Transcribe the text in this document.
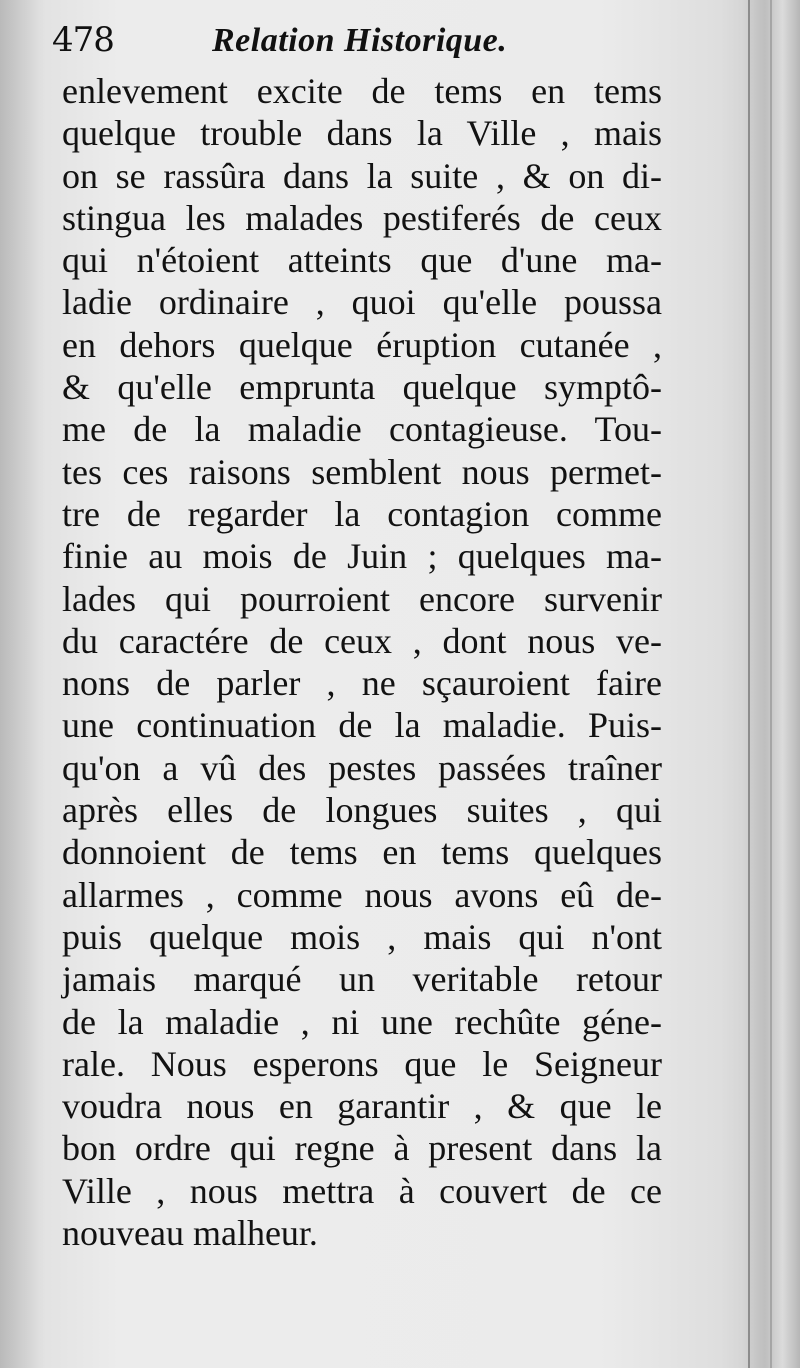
478	Relation Historique.
enlevement excite de tems en tems
quelque trouble dans la Ville , mais
on se rassûra dans la suite , & on di-
stingua les malades pestiferés de ceux
qui n'étoient atteints que d'une ma-
ladie ordinaire , quoi qu'elle poussa
en dehors quelque éruption cutanée ,
& qu'elle emprunta quelque symptô-
me de la maladie contagieuse. Tou-
tes ces raisons semblent nous permet-
tre de regarder la contagion comme
finie au mois de Juin ; quelques ma-
lades qui pourroient encore survenir
du caractére de ceux , dont nous ve-
nons de parler , ne sçauroient faire
une continuation de la maladie. Puis-
qu'on a vû des pestes passées traîner
après elles de longues suites , qui
donnoient de tems en tems quelques
allarmes , comme nous avons eû de-
puis quelque mois , mais qui n'ont
jamais marqué un veritable retour
de la maladie , ni une rechûte géne-
rale. Nous esperons que le Seigneur
voudra nous en garantir , & que le
bon ordre qui regne à present dans la
Ville , nous mettra à couvert de ce
nouveau malheur.
